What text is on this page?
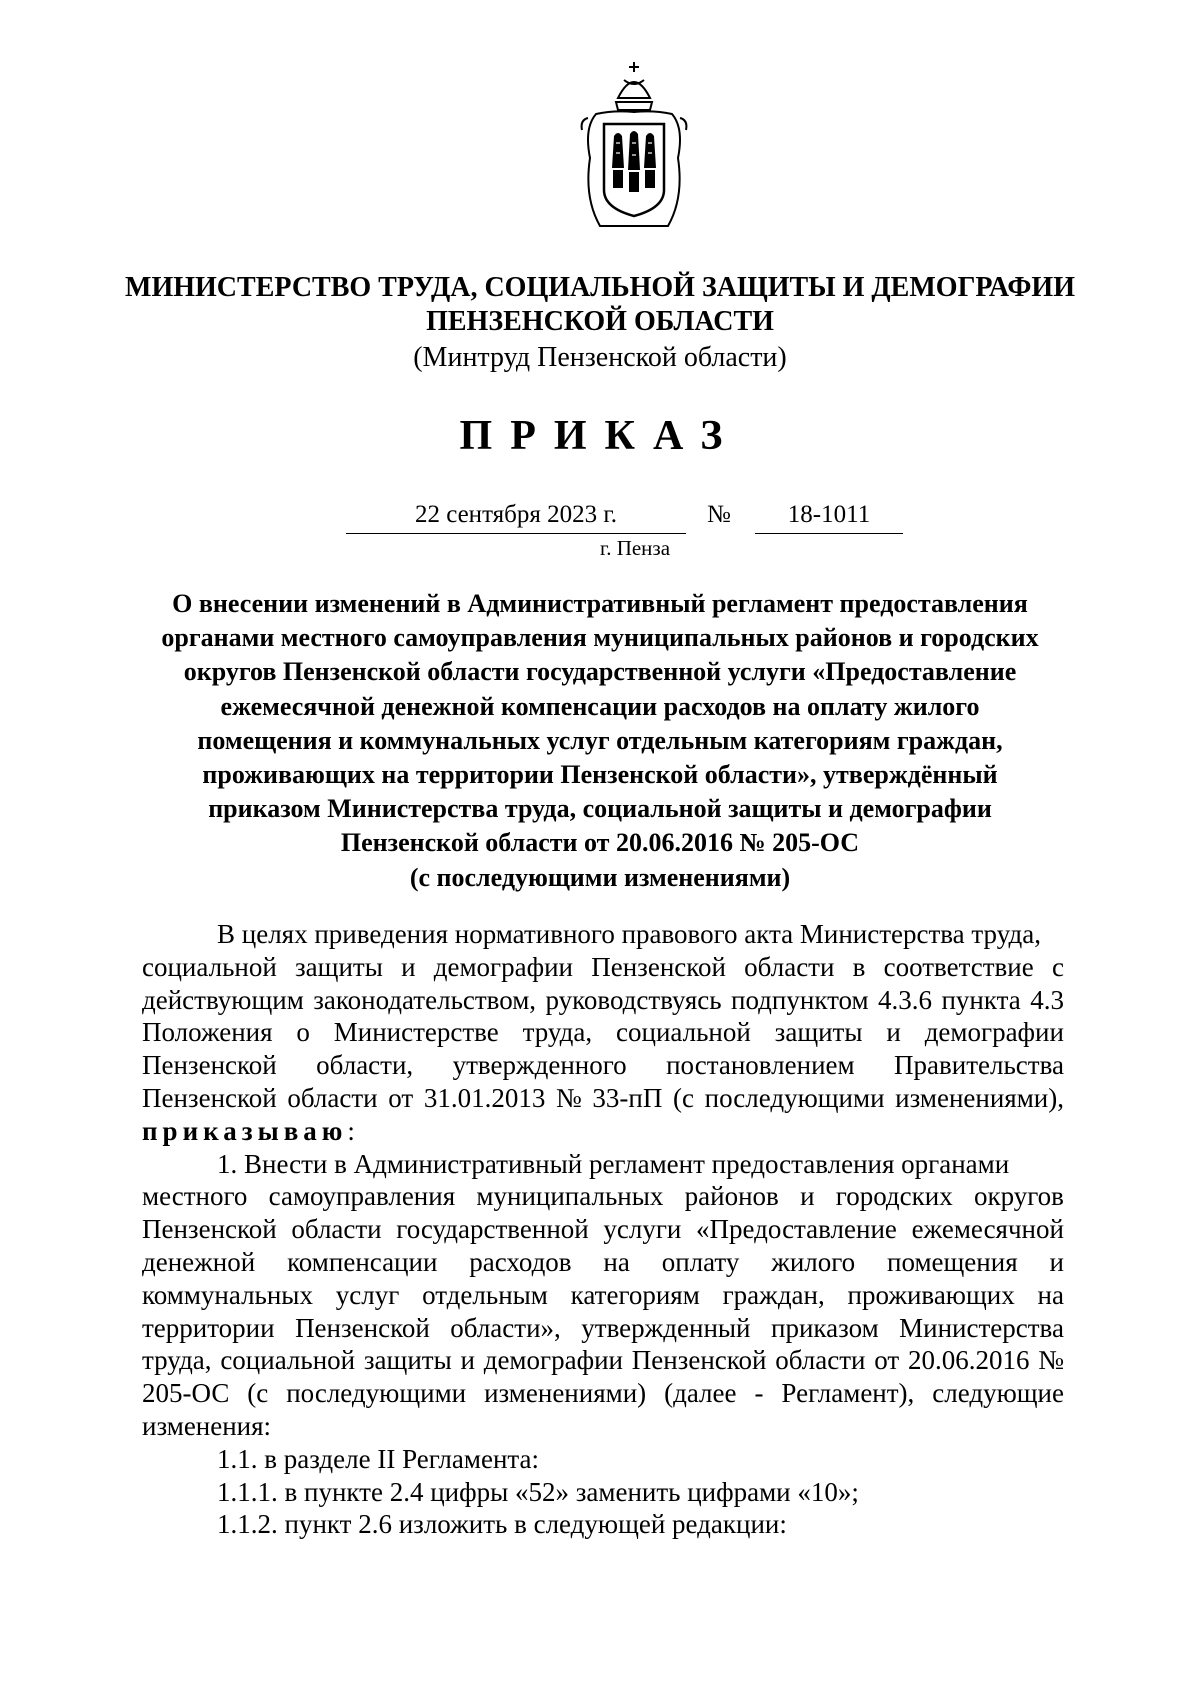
МИНИСТЕРСТВО ТРУДА, СОЦИАЛЬНОЙ ЗАЩИТЫ И ДЕМОГРАФИИ
ПЕНЗЕНСКОЙ ОБЛАСТИ
(Минтруд Пензенской области)
ПРИКАЗ
22 сентября 2023 г.	№	18-1011
г. Пенза
О внесении изменений в Административный регламент предоставления
органами местного самоуправления муниципальных районов и городских
округов Пензенской области государственной услуги «Предоставление
ежемесячной денежной компенсации расходов на оплату жилого
помещения и коммунальных услуг отдельным категориям граждан,
проживающих на территории Пензенской области», утверждённый
приказом Министерства труда, социальной защиты и демографии
Пензенской области от 20.06.2016 № 205-ОС
(с последующими изменениями)
В целях приведения нормативного правового акта Министерства труда,
социальной защиты и демографии Пензенской области в соответствие с
действующим законодательством, руководствуясь подпунктом 4.3.6 пункта 4.3
Положения о Министерстве труда, социальной защиты и демографии
Пензенской области, утвержденного постановлением Правительства
Пензенской области от 31.01.2013 № 33-пП (с последующими изменениями),
приказываю:
1. Внести в Административный регламент предоставления органами
местного самоуправления муниципальных районов и городских округов
Пензенской области государственной услуги «Предоставление ежемесячной
денежной компенсации расходов на оплату жилого помещения и
коммунальных услуг отдельным категориям граждан, проживающих на
территории Пензенской области», утвержденный приказом Министерства
труда, социальной защиты и демографии Пензенской области от 20.06.2016 №
205-ОС (с последующими изменениями) (далее - Регламент), следующие
изменения:
1.1. в разделе II Регламента:
1.1.1. в пункте 2.4 цифры «52» заменить цифрами «10»;
1.1.2. пункт 2.6 изложить в следующей редакции:
